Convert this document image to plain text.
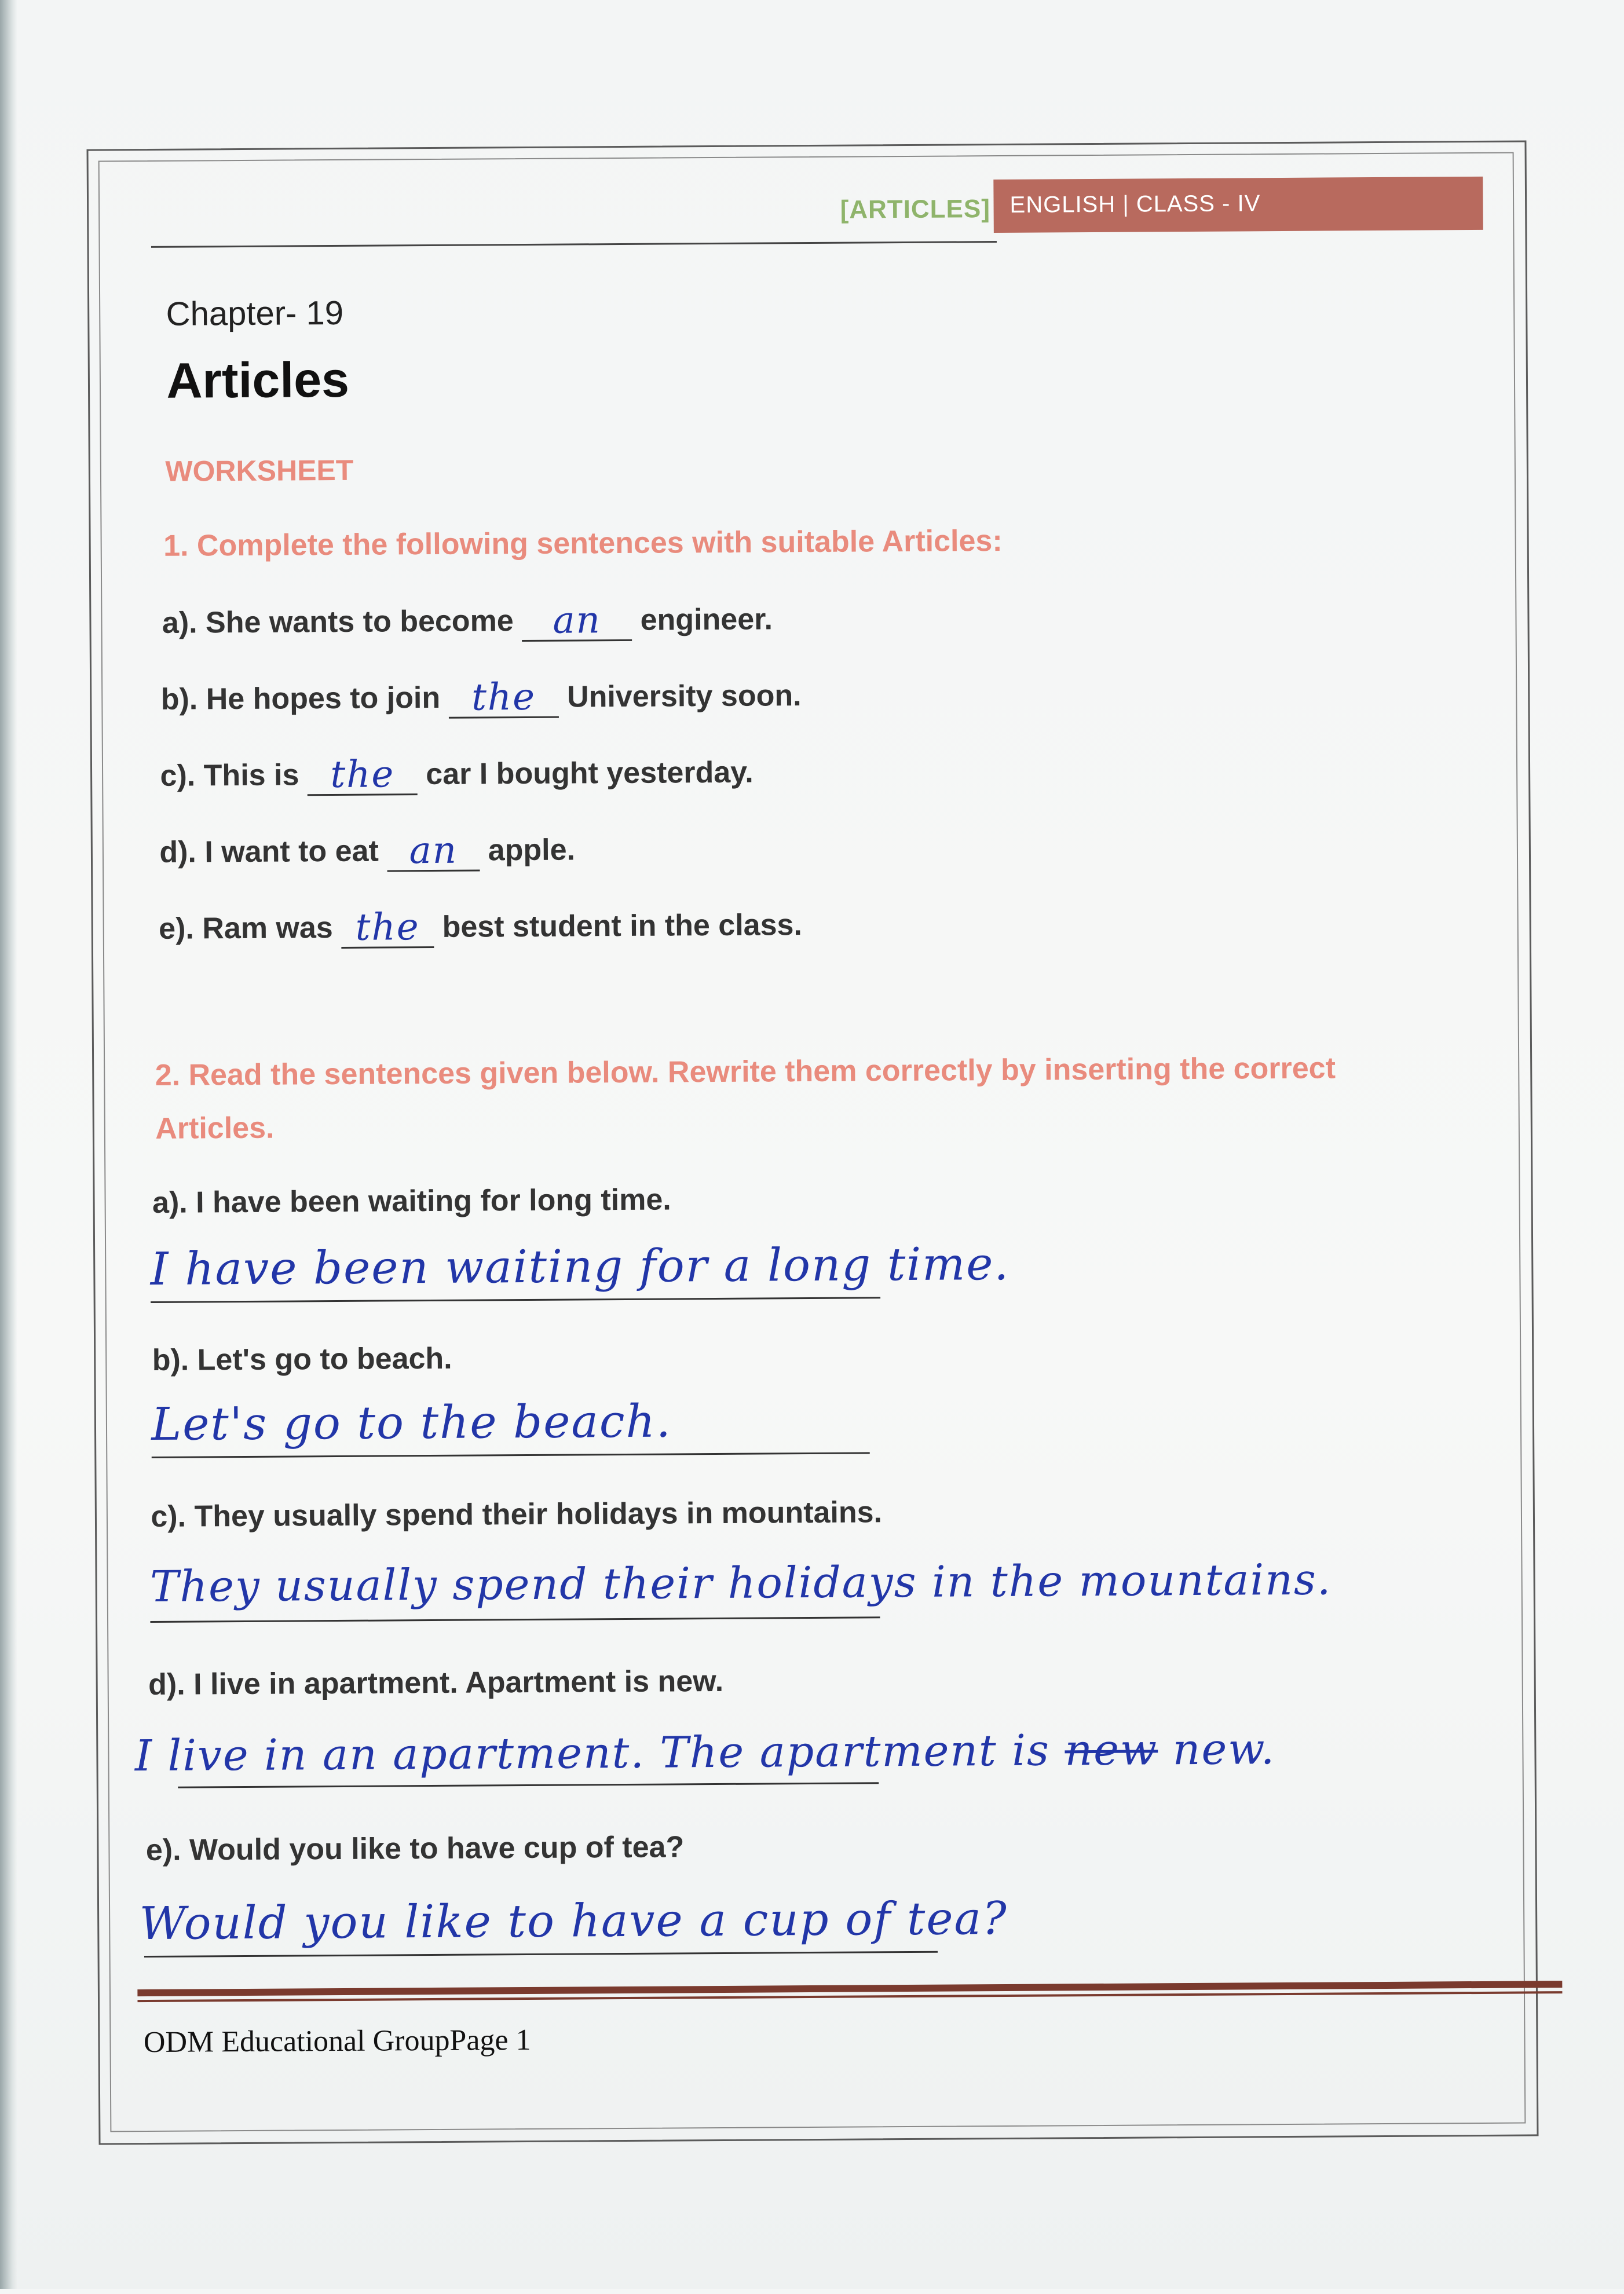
[ARTICLES] ENGLISH | CLASS - IV
Chapter- 19
Articles
WORKSHEET
1. Complete the following sentences with suitable Articles:
a). She wants to become an engineer.
b). He hopes to join the University soon.
c). This is the car I bought yesterday.
d). I want to eat an apple.
e). Ram was the best student in the class.
2. Read the sentences given below. Rewrite them correctly by inserting the correct Articles.
a). I have been waiting for long time.
I have been waiting for a long time.
b). Let's go to beach.
Let's go to the beach.
c). They usually spend their holidays in mountains.
They usually spend their holidays in the mountains.
d). I live in apartment. Apartment is new.
I live in an apartment. The apartment is new new.
e). Would you like to have cup of tea?
Would you like to have a cup of tea?
ODM Educational GroupPage 1
